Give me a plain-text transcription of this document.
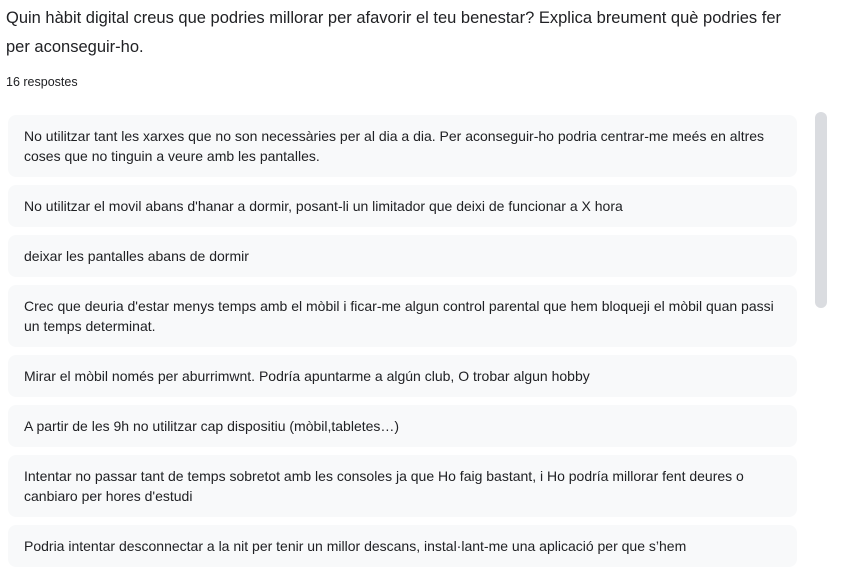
Quin hàbit digital creus que podries millorar per afavorir el teu benestar? Explica breument què podries fer per aconseguir-ho.
16 respostes
No utilitzar tant les xarxes que no son necessàries per al dia a dia. Per aconseguir-ho podria centrar-me meés en altres coses que no tinguin a veure amb les pantalles.
No utilitzar el movil abans d'hanar a dormir, posant-li un limitador que deixi de funcionar a X hora
deixar les pantalles abans de dormir
Crec que deuria d'estar menys temps amb el mòbil i ficar-me algun control parental que hem bloqueji el mòbil quan passi un temps determinat.
Mirar el mòbil només per aburrimwnt. Podría apuntarme a algún club, O trobar algun hobby
A partir de les 9h no utilitzar cap dispositiu (mòbil,tabletes…)
Intentar no passar tant de temps sobretot amb les consoles ja que Ho faig bastant, i Ho podría millorar fent deures o canbiaro per hores d'estudi
Podria intentar desconnectar a la nit per tenir un millor descans, instal·lant-me una aplicació per que s’hem
